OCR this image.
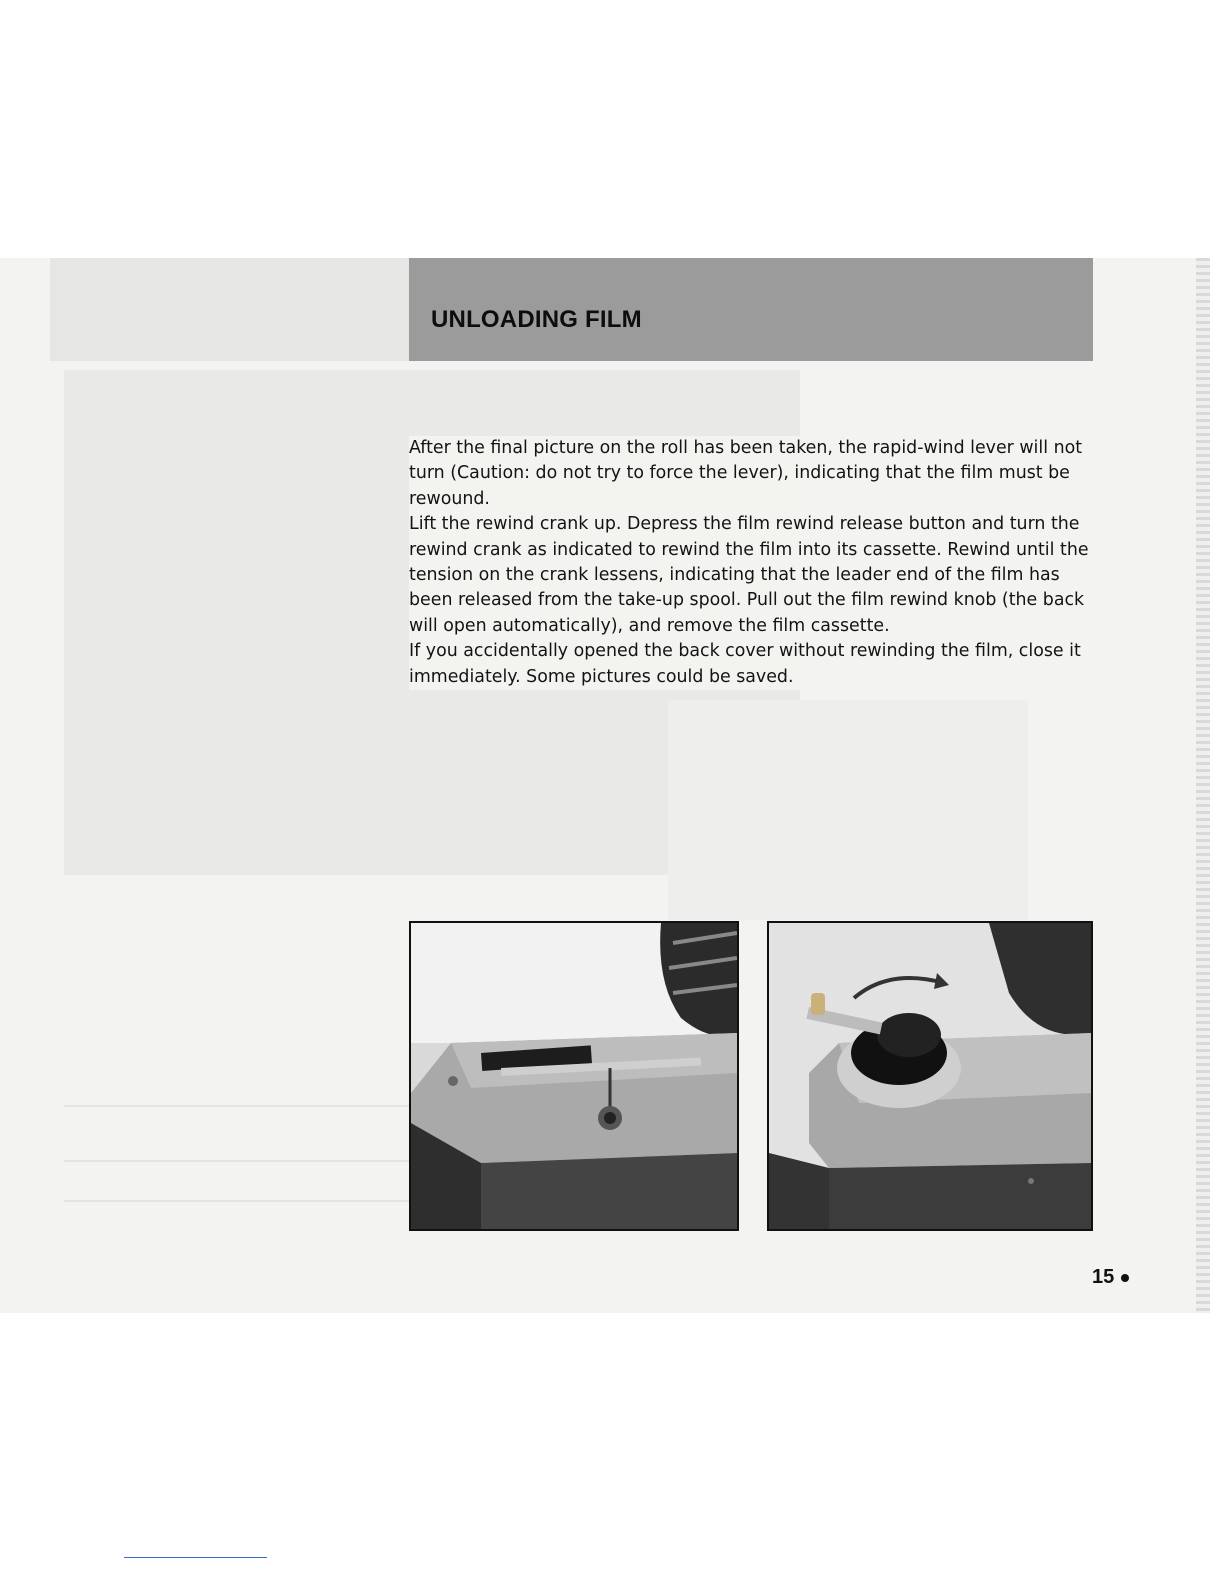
UNLOADING FILM

After the final picture on the roll has been taken, the rapid-wind lever will not turn (Caution: do not try to force the lever), indicating that the film must be rewound.

Lift the rewind crank up. Depress the film rewind release button and turn the rewind crank as indicated to rewind the film into its cassette. Rewind until the tension on the crank lessens, indicating that the leader end of the film has been released from the take-up spool. Pull out the film rewind knob (the back will open automatically), and remove the film cassette.

If you accidentally opened the back cover without rewinding the film, close it immediately. Some pictures could be saved.

15
